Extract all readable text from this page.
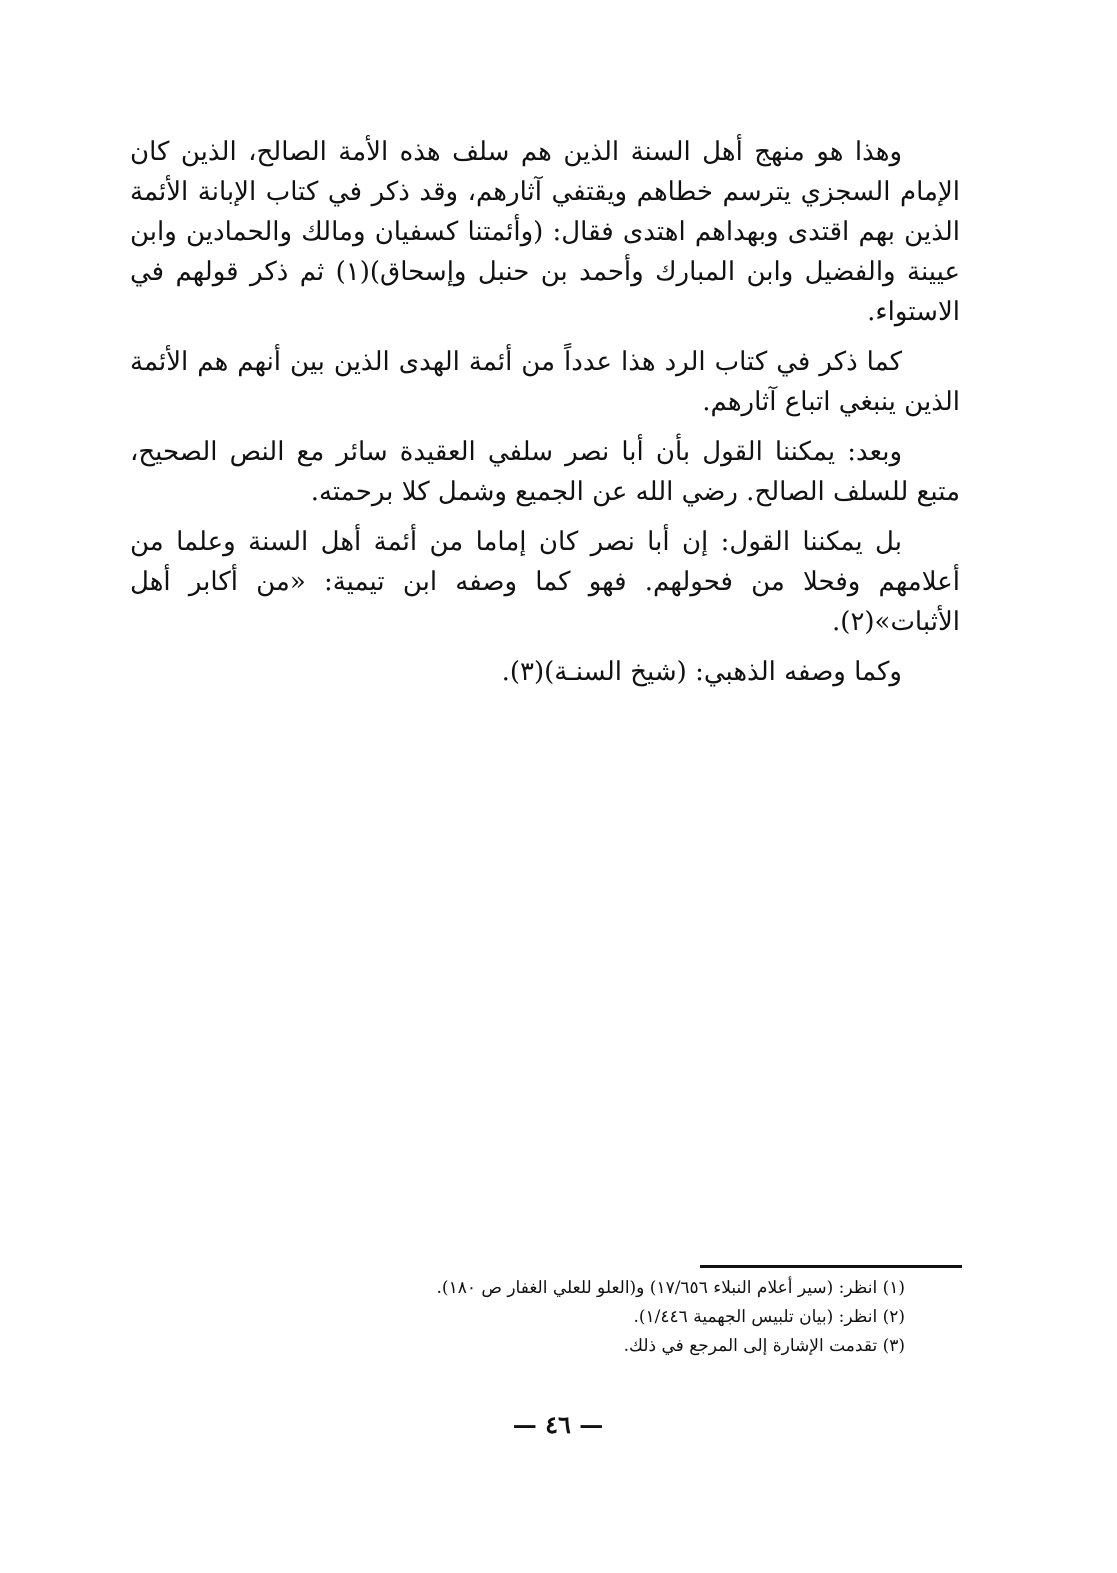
وهذا هو منهج أهل السنة الذين هم سلف هذه الأمة الصالح، الذين كان الإمام السجزي يترسم خطاهم ويقتفي آثارهم، وقد ذكر في كتاب الإبانة الأئمة الذين بهم اقتدى وبهداهم اهتدى فقال: (وأئمتنا كسفيان ومالك والحمادين وابن عيينة والفضيل وابن المبارك وأحمد بن حنبل وإسحاق)(١) ثم ذكر قولهم في الاستواء.

كما ذكر في كتاب الرد هذا عدداً من أئمة الهدى الذين بين أنهم هم الأئمة الذين ينبغي اتباع آثارهم.

وبعد: يمكننا القول بأن أبا نصر سلفي العقيدة سائر مع النص الصحيح، متبع للسلف الصالح. رضي الله عن الجميع وشمل كلا برحمته.

بل يمكننا القول: إن أبا نصر كان إماما من أئمة أهل السنة وعلما من أعلامهم وفحلا من فحولهم. فهو كما وصفه ابن تيمية: «من أكابر أهل الأثبات»(٢).

وكما وصفه الذهبي: (شيخ السنـة)(٣).

(١) انظر: (سير أعلام النبلاء ١٧/٦٥٦) و(العلو للعلي الغفار ص ١٨٠).
(٢) انظر: (بيان تلبيس الجهمية ١/٤٤٦).
(٣) تقدمت الإشارة إلى المرجع في ذلك.
— ٤٦ —
